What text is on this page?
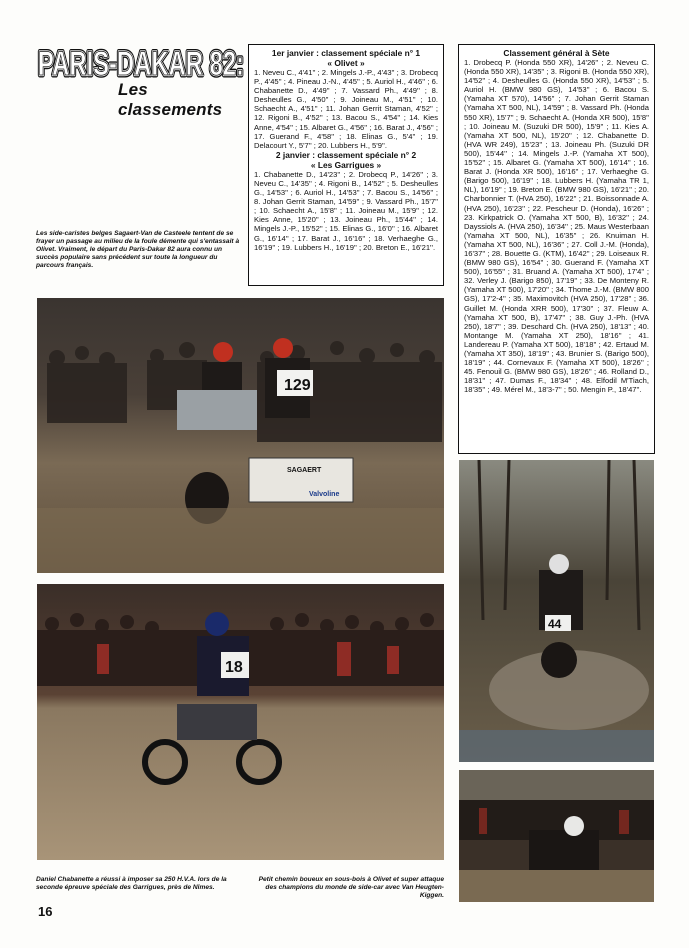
PARIS-DAKAR 82:
PARIS-DAKAR 82:
PARIS-DAKAR 82:
Les classements
1er janvier : classement spéciale n° 1
« Olivet »

1. Neveu C., 4'41'' ; 2. Mingels J.-P., 4'43'' ; 3. Drobecq P., 4'45'' ; 4. Pineau J.-N., 4'45'' ; 5. Auriol H., 4'46'' ; 6. Chabanette D., 4'49'' ; 7. Vassard Ph., 4'49'' ; 8. Desheulles G., 4'50'' ; 9. Joineau M., 4'51'' ; 10. Schaecht A., 4'51'' ; 11. Johan Gerrit Staman, 4'52'' ; 12. Rigoni B., 4'52'' ; 13. Bacou S., 4'54'' ; 14. Kies Anne, 4'54'' ; 15. Albaret G., 4'56'' ; 16. Barat J., 4'56'' ; 17. Guerand F., 4'58'' ; 18. Elinas G., 5'4'' ; 19. Delacourt Y., 5'7'' ; 20. Lubbers H., 5'9''.

2 janvier : classement spéciale n° 2
« Les Garrigues »

1. Chabanette D., 14'23'' ; 2. Drobecq P., 14'26'' ; 3. Neveu C., 14'35'' ; 4. Rigoni B., 14'52'' ; 5. Desheulles G., 14'53'' ; 6. Auriol H., 14'53'' ; 7. Bacou S., 14'56'' ; 8. Johan Gerrit Staman, 14'59'' ; 9. Vassard Ph., 15'7'' ; 10. Schaecht A., 15'8'' ; 11. Joineau M., 15'9'' ; 12. Kies Anne, 15'20'' ; 13. Joineau Ph., 15'44'' ; 14. Mingels J.-P., 15'52'' ; 15. Elinas G., 16'0'' ; 16. Albaret G., 16'14'' ; 17. Barat J., 16'16'' ; 18. Verhaeghe G., 16'19'' ; 19. Lubbers H., 16'19'' ; 20. Breton E., 16'21''.

Classement général à Sète

1. Drobecq P. (Honda 550 XR), 14'26'' ; 2. Neveu C. (Honda 550 XR), 14'35'' ; 3. Rigoni B. (Honda 550 XR), 14'52'' ; 4. Desheulles G. (Honda 550 XR), 14'53'' ; 5. Auriol H. (BMW 980 GS), 14'53'' ; 6. Bacou S. (Yamaha XT 570), 14'56'' ; 7. Johan Gerrit Staman (Yamaha XT 500, NL), 14'59'' ; 8. Vassard Ph. (Honda 550 XR), 15'7'' ; 9. Schaecht A. (Honda XR 500), 15'8'' ; 10. Joineau M. (Suzuki DR 500), 15'9'' ; 11. Kies A. (Yamaha XT 500, NL), 15'20'' ; 12. Chabanette D. (HVA WR 249), 15'23'' ; 13. Joineau Ph. (Suzuki DR 500), 15'44'' ; 14. Mingels J.-P. (Yamaha XT 500), 15'52'' ; 15. Albaret G. (Yamaha XT 500), 16'14'' ; 16. Barat J. (Honda XR 500), 16'16'' ; 17. Verhaeghe G. (Barigo 500), 16'19'' ; 18. Lubbers H. (Yamaha TR 1, NL), 16'19'' ; 19. Breton E. (BMW 980 GS), 16'21'' ; 20. Charbonnier T. (HVA 250), 16'22'' ; 21. Boissonnade A. (HVA 250), 16'23'' ; 22. Pescheur D. (Honda), 16'26'' ; 23. Kirkpatrick O. (Yamaha XT 500, B), 16'32'' ; 24. Dayssiols A. (HVA 250), 16'34'' ; 25. Maus Westerbaan (Yamaha XT 500, NL), 16'35'' ; 26. Knuiman H. (Yamaha XT 500, NL), 16'36'' ; 27. Coll J.-M. (Honda), 16'37'' ; 28. Bouette G. (KTM), 16'42'' ; 29. Loiseaux R. (BMW 980 GS), 16'54'' ; 30. Guerand F. (Yamaha XT 500), 16'55'' ; 31. Bruand A. (Yamaha XT 500), 17'4'' ; 32. Verley J. (Barigo 850), 17'19'' ; 33. De Monteny R. (Yamaha XT 500), 17'20'' ; 34. Thome J.-M. (BMW 800 GS), 17'2-4'' ; 35. Maximovitch (HVA 250), 17'28'' ; 36. Guillet M. (Honda XRR 500), 17'30'' ; 37. Fleuw A. (Yamaha XT 500, B), 17'47'' ; 38. Guy J.-Ph. (HVA 250), 18'7'' ; 39. Deschard Ch. (HVA 250), 18'13'' ; 40. Montange M. (Yamaha XT 250), 18'16'' ; 41. Landereau P. (Yamaha XT 500), 18'18'' ; 42. Ertaud M. (Yamaha XT 350), 18'19'' ; 43. Brunier S. (Barigo 500), 18'19'' ; 44. Cornevaux F. (Yamaha XT 500), 18'26'' ; 45. Fenouil G. (BMW 980 GS), 18'26'' ; 46. Rolland D., 18'31'' ; 47. Dumas F., 18'34'' ; 48. Elfodil M'Tiach, 18'35'' ; 49. Mérel M., 18'3-7'' ; 50. Mengin P., 18'47''.

Les side-caristes belges Sagaert-Van de Casteele tentent de se frayer un passage au milieu de la foule démente qui s'entassait à Olivet. Vraiment, le départ du Paris-Dakar 82 aura connu un succès populaire sans précédent sur toute la longueur du parcours français.
129
SAGAERT
Valvoline
44
18
Daniel Chabanette a réussi à imposer sa 250 H.V.A. lors de la seconde épreuve spéciale des Garrigues, près de Nîmes.
Petit chemin boueux en sous-bois à Olivet et super attaque des champions du monde de side-car avec Van Heugten-Kiggen.
16
